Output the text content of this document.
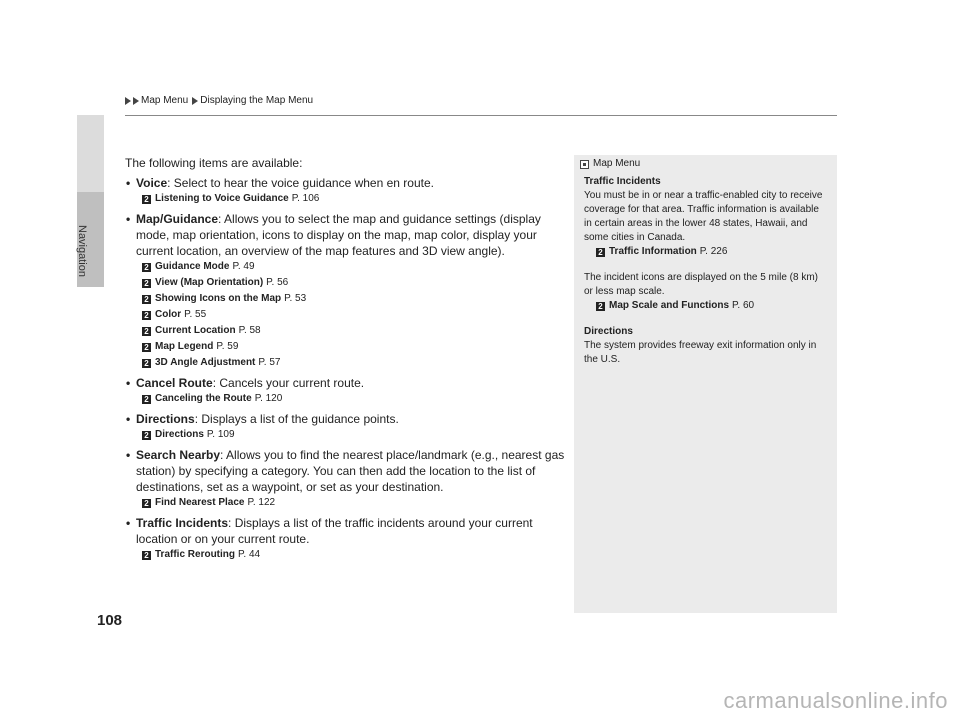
Navigation
Map Menu Displaying the Map Menu
The following items are available:
• Voice: Select to hear the voice guidance when en route.
2 Listening to Voice Guidance P. 106
• Map/Guidance: Allows you to select the map and guidance settings (display mode, map orientation, icons to display on the map, map color, display your current location, an overview of the map features and 3D view angle).
2 Guidance Mode P. 49
2 View (Map Orientation) P. 56
2 Showing Icons on the Map P. 53
2 Color P. 55
2 Current Location P. 58
2 Map Legend P. 59
2 3D Angle Adjustment P. 57
• Cancel Route: Cancels your current route.
2 Canceling the Route P. 120
• Directions: Displays a list of the guidance points.
2 Directions P. 109
• Search Nearby: Allows you to find the nearest place/landmark (e.g., nearest gas station) by specifying a category. You can then add the location to the list of destinations, set as a waypoint, or set as your destination.
2 Find Nearest Place P. 122
• Traffic Incidents: Displays a list of the traffic incidents around your current location or on your current route.
2 Traffic Rerouting P. 44
Map Menu
Traffic Incidents

You must be in or near a traffic-enabled city to receive coverage for that area. Traffic information is available in certain areas in the lower 48 states, Hawaii, and some cities in Canada.

2 Traffic Information P. 226

The incident icons are displayed on the 5 mile (8 km) or less map scale.

2 Map Scale and Functions P. 60
Directions

The system provides freeway exit information only in the U.S.

108
carmanualsonline.info
